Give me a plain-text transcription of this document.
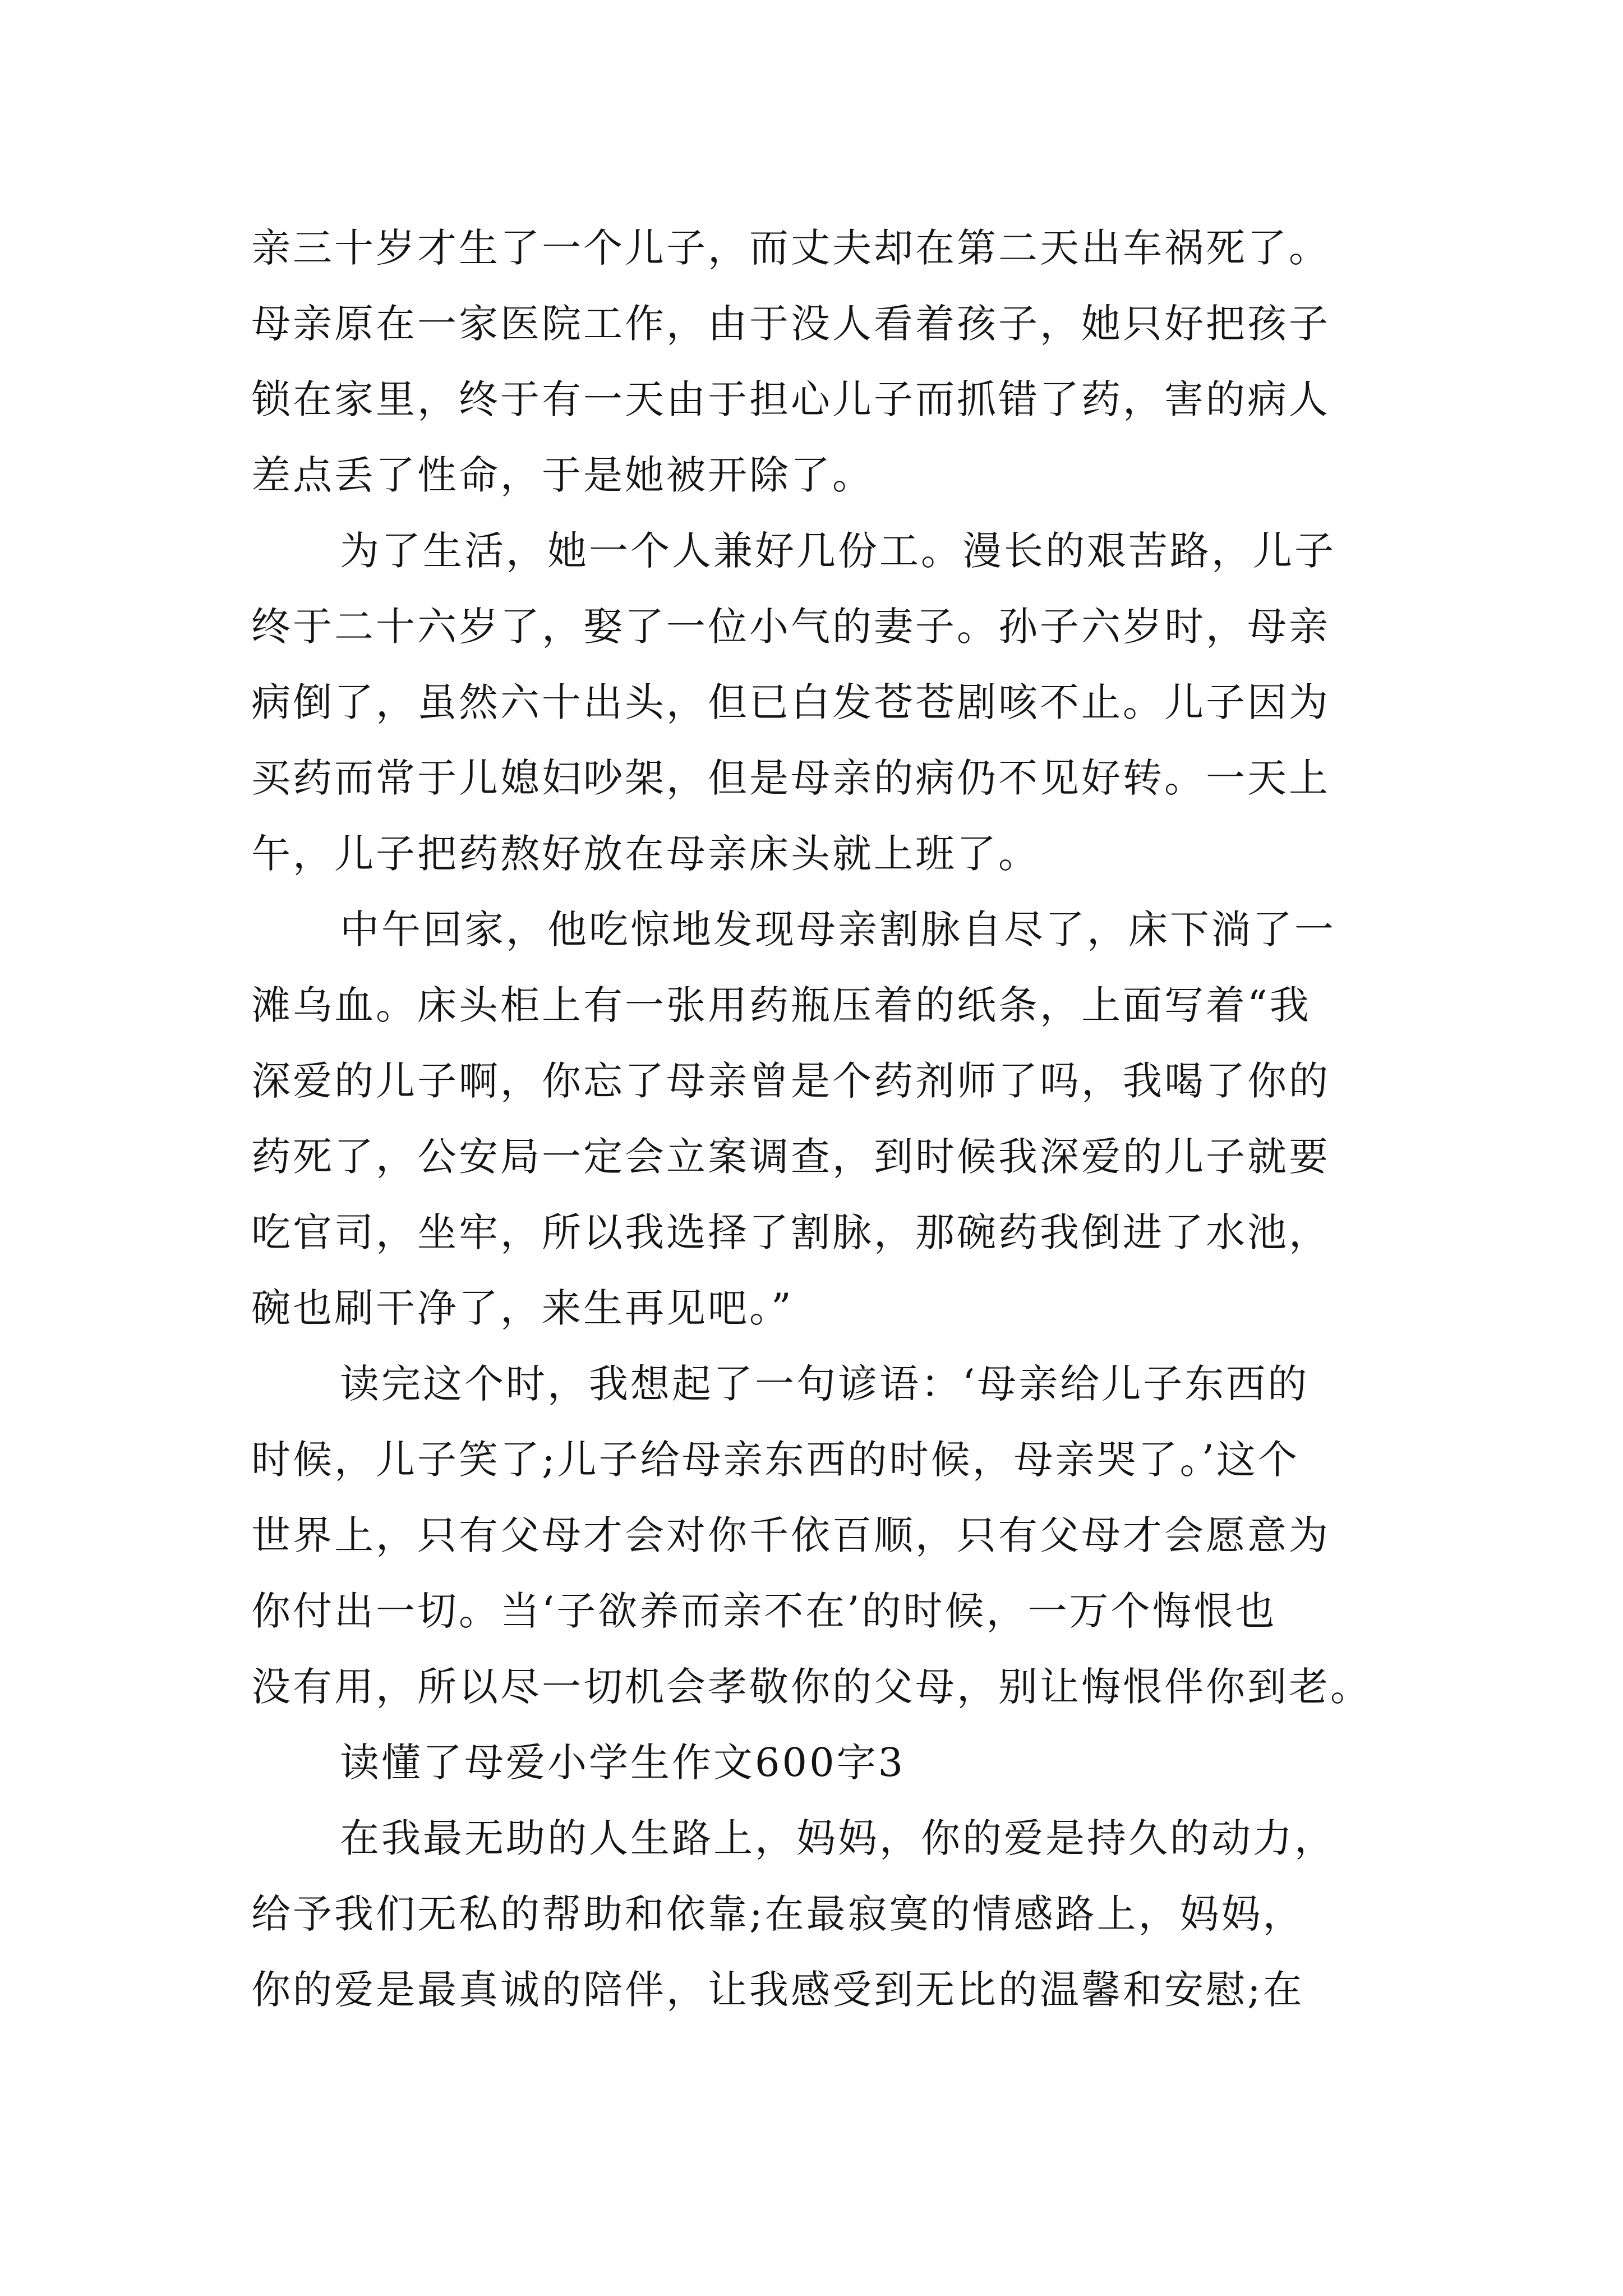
亲三十岁才生了一个儿子，而丈夫却在第二天出车祸死了。
母亲原在一家医院工作，由于没人看着孩子，她只好把孩子
锁在家里，终于有一天由于担心儿子而抓错了药，害的病人
差点丢了性命，于是她被开除了。
为了生活，她一个人兼好几份工。漫长的艰苦路，儿子
终于二十六岁了，娶了一位小气的妻子。孙子六岁时，母亲
病倒了，虽然六十出头，但已白发苍苍剧咳不止。儿子因为
买药而常于儿媳妇吵架，但是母亲的病仍不见好转。一天上
午，儿子把药熬好放在母亲床头就上班了。
中午回家，他吃惊地发现母亲割脉自尽了，床下淌了一
滩乌血。床头柜上有一张用药瓶压着的纸条，上面写着“我
深爱的儿子啊，你忘了母亲曾是个药剂师了吗，我喝了你的
药死了，公安局一定会立案调查，到时候我深爱的儿子就要
吃官司，坐牢，所以我选择了割脉，那碗药我倒进了水池，
碗也刷干净了，来生再见吧。”
读完这个时，我想起了一句谚语：‘母亲给儿子东西的
时候，儿子笑了;儿子给母亲东西的时候，母亲哭了。’这个
世界上，只有父母才会对你千依百顺，只有父母才会愿意为
你付出一切。当‘子欲养而亲不在’的时候，一万个悔恨也
没有用，所以尽一切机会孝敬你的父母，别让悔恨伴你到老。
读懂了母爱小学生作文600字3
在我最无助的人生路上，妈妈，你的爱是持久的动力，
给予我们无私的帮助和依靠;在最寂寞的情感路上，妈妈，
你的爱是最真诚的陪伴，让我感受到无比的温馨和安慰;在
